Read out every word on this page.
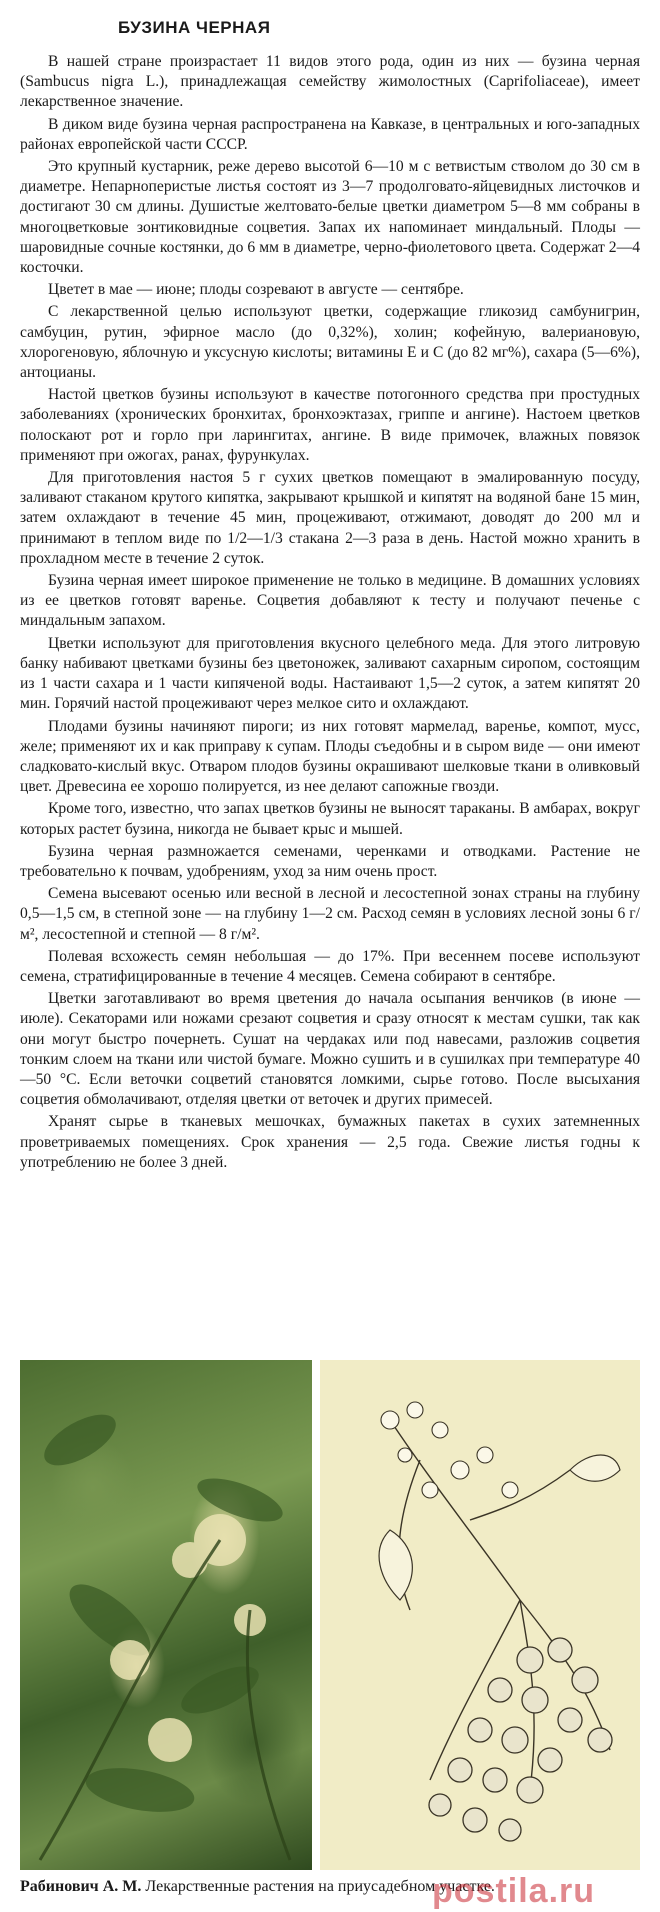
БУЗИНА ЧЕРНАЯ

В нашей стране произрастает 11 видов этого рода, один из них — бузина черная (Sambucus nigra L.), принадлежащая семейству жимолостных (Caprifoliaceae), имеет лекарственное значение.

В диком виде бузина черная распространена на Кавказе, в центральных и юго-западных районах европейской части СССР.

Это крупный кустарник, реже дерево высотой 6—10 м с ветвистым стволом до 30 см в диаметре. Непарноперистые листья состоят из 3—7 продолговато-яйцевидных листочков и достигают 30 см длины. Душистые желтовато-белые цветки диаметром 5—8 мм собраны в многоцветковые зонтиковидные соцветия. Запах их напоминает миндальный. Плоды — шаровидные сочные костянки, до 6 мм в диаметре, черно-фиолетового цвета. Содержат 2—4 косточки.

Цветет в мае — июне; плоды созревают в августе — сентябре.

С лекарственной целью используют цветки, содержащие гликозид самбунигрин, самбуцин, рутин, эфирное масло (до 0,32%), холин; кофейную, валериановую, хлорогеновую, яблочную и уксусную кислоты; витамины Е и С (до 82 мг%), сахара (5—6%), антоцианы.

Настой цветков бузины используют в качестве потогонного средства при простудных заболеваниях (хронических бронхитах, бронхоэктазах, гриппе и ангине). Настоем цветков полоскают рот и горло при ларингитах, ангине. В виде примочек, влажных повязок применяют при ожогах, ранах, фурункулах.

Для приготовления настоя 5 г сухих цветков помещают в эмалированную посуду, заливают стаканом крутого кипятка, закрывают крышкой и кипятят на водяной бане 15 мин, затем охлаждают в течение 45 мин, процеживают, отжимают, доводят до 200 мл и принимают в теплом виде по 1/2—1/3 стакана 2—3 раза в день. Настой можно хранить в прохладном месте в течение 2 суток.

Бузина черная имеет широкое применение не только в медицине. В домашних условиях из ее цветков готовят варенье. Соцветия добавляют к тесту и получают печенье с миндальным запахом.

Цветки используют для приготовления вкусного целебного меда. Для этого литровую банку набивают цветками бузины без цветоножек, заливают сахарным сиропом, состоящим из 1 части сахара и 1 части кипяченой воды. Настаивают 1,5—2 суток, а затем кипятят 20 мин. Горячий настой процеживают через мелкое сито и охлаждают.

Плодами бузины начиняют пироги; из них готовят мармелад, варенье, компот, мусс, желе; применяют их и как приправу к супам. Плоды съедобны и в сыром виде — они имеют сладковато-кислый вкус. Отваром плодов бузины окрашивают шелковые ткани в оливковый цвет. Древесина ее хорошо полируется, из нее делают сапожные гвозди.

Кроме того, известно, что запах цветков бузины не выносят тараканы. В амбарах, вокруг которых растет бузина, никогда не бывает крыс и мышей.

Бузина черная размножается семенами, черенками и отводками. Растение не требовательно к почвам, удобрениям, уход за ним очень прост.

Семена высевают осенью или весной в лесной и лесостепной зонах страны на глубину 0,5—1,5 см, в степной зоне — на глубину 1—2 см. Расход семян в условиях лесной зоны 6 г/м², лесостепной и степной — 8 г/м².

Полевая всхожесть семян небольшая — до 17%. При весеннем посеве используют семена, стратифицированные в течение 4 месяцев. Семена собирают в сентябре.

Цветки заготавливают во время цветения до начала осыпания венчиков (в июне — июле). Секаторами или ножами срезают соцветия и сразу относят к местам сушки, так как они могут быстро почернеть. Сушат на чердаках или под навесами, разложив соцветия тонким слоем на ткани или чистой бумаге. Можно сушить и в сушилках при температуре 40—50 °С. Если веточки соцветий становятся ломкими, сырье готово. После высыхания соцветия обмолачивают, отделяя цветки от веточек и других примесей.

Хранят сырье в тканевых мешочках, бумажных пакетах в сухих затемненных проветриваемых помещениях. Срок хранения — 2,5 года. Свежие листья годны к употреблению не более 3 дней.

Рабинович А. М. Лекарственные растения на приусадебном участке.
postila.ru
